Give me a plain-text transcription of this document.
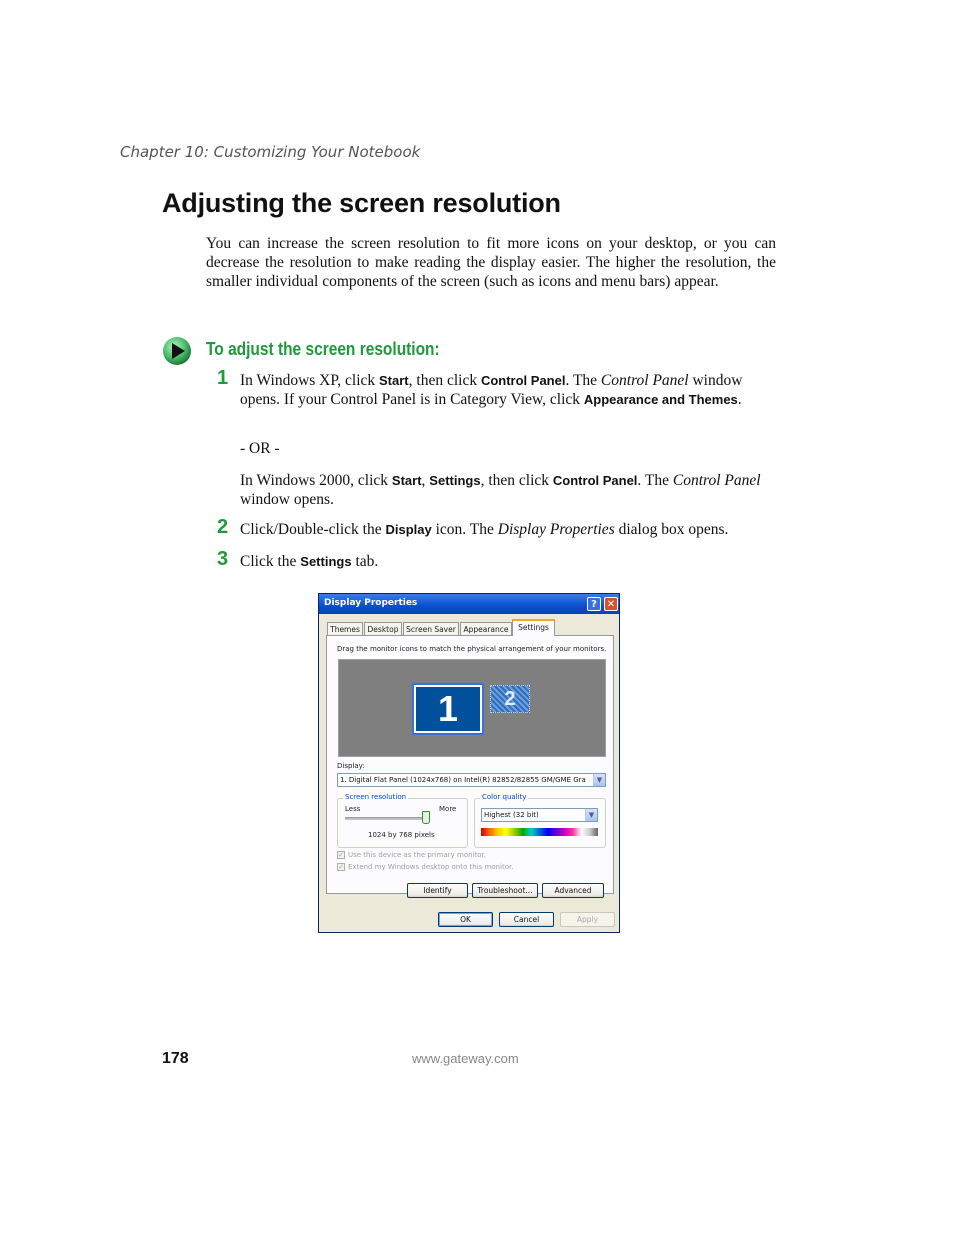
Chapter 10: Customizing Your Notebook
Adjusting the screen resolution
You can increase the screen resolution to fit more icons on your desktop, or you can decrease the resolution to make reading the display easier. The higher the resolution, the smaller individual components of the screen (such as icons and menu bars) appear.
To adjust the screen resolution:
1 In Windows XP, click Start, then click Control Panel. The Control Panel window opens. If your Control Panel is in Category View, click Appearance and Themes.
- OR -
In Windows 2000, click Start, Settings, then click Control Panel. The Control Panel window opens.
2 Click/Double-click the Display icon. The Display Properties dialog box opens.
3 Click the Settings tab.
Display Properties	? ✕
Themes	Desktop	Screen Saver	Appearance	Settings
Drag the monitor icons to match the physical arrangement of your monitors.
1	2
Display:
1. Digital Flat Panel (1024x768) on Intel(R) 82852/82855 GM/GME Gra	▼
Screen resolution
Less	More
1024 by 768 pixels
Color quality
Highest (32 bit)	▼
✓ Use this device as the primary monitor.
✓ Extend my Windows desktop onto this monitor.
Identify	Troubleshoot...	Advanced
OK	Cancel	Apply
178	www.gateway.com
